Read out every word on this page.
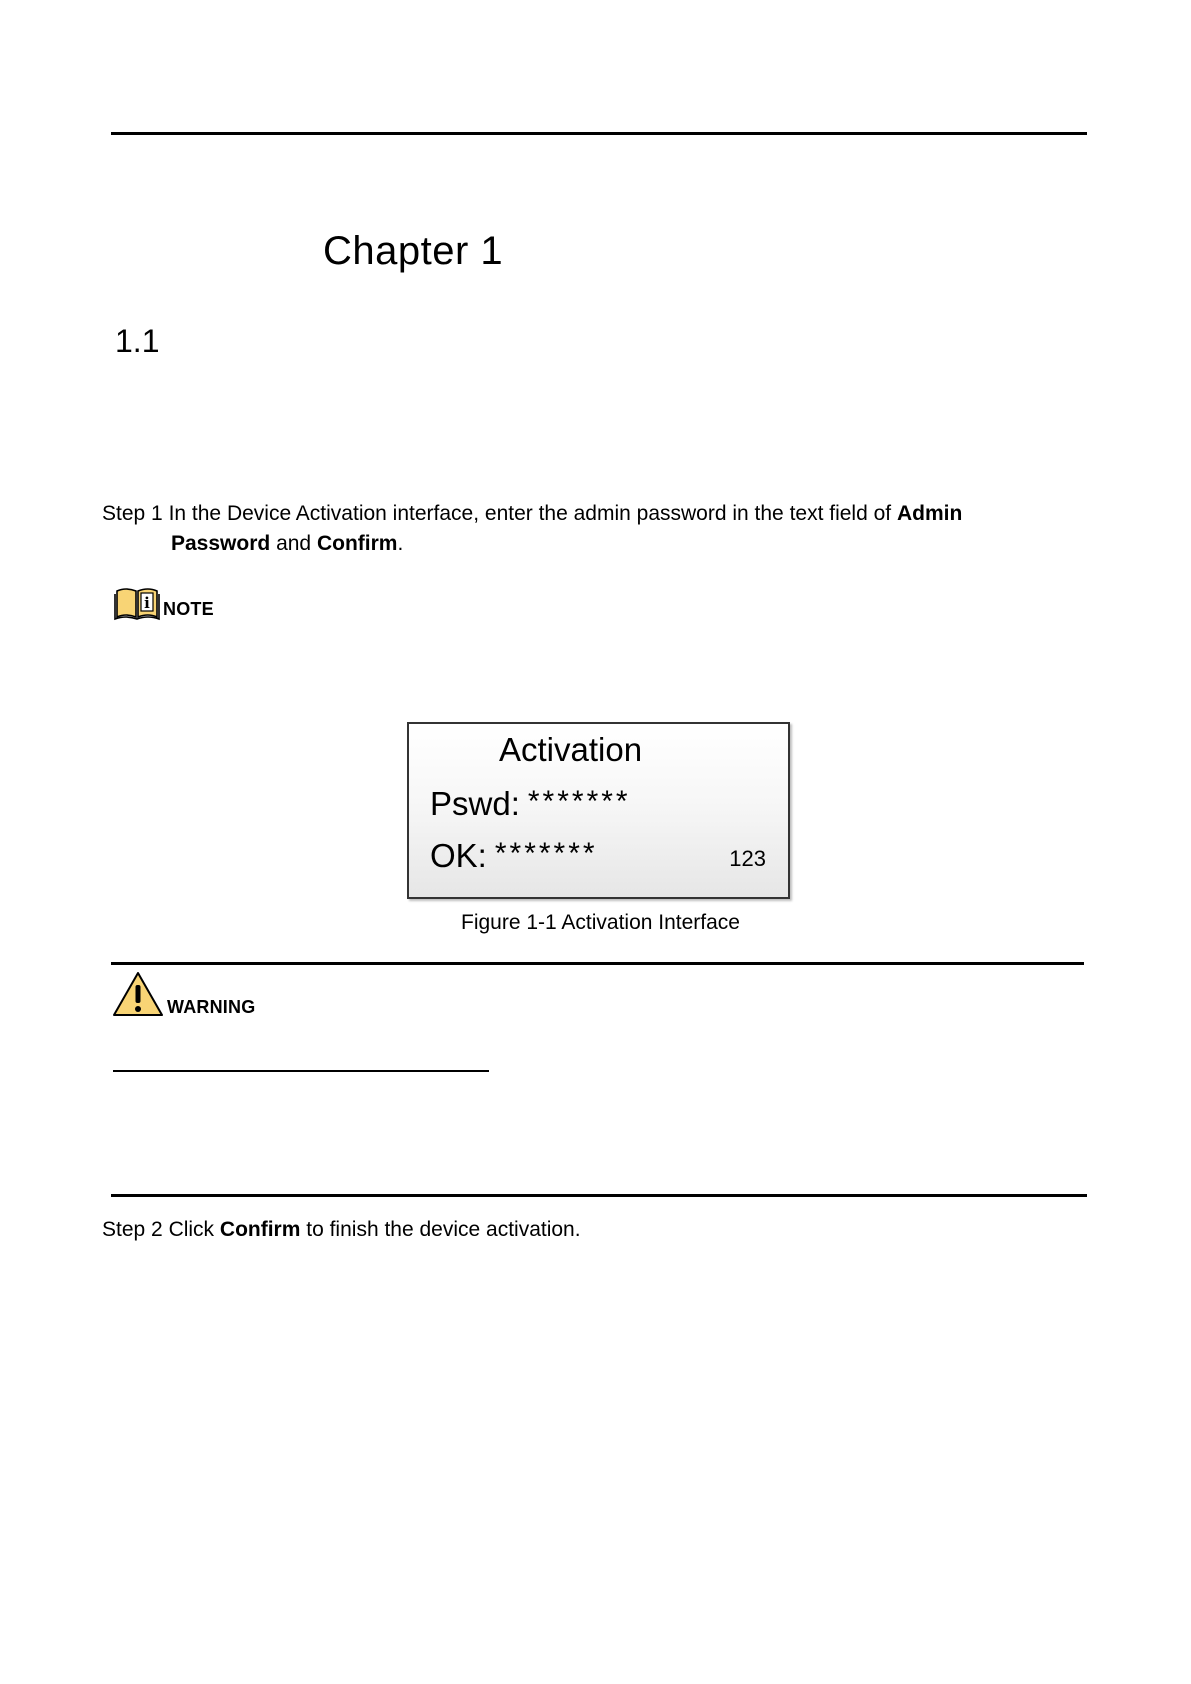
Chapter 1
1.1
Step 1 In the Device Activation interface, enter the admin password in the text field of Admin
Password and Confirm.
i NOTE
Activation
Pswd: *******
OK: *******	123
Figure 1-1 Activation Interface
WARNING
Step 2 Click Confirm to finish the device activation.
